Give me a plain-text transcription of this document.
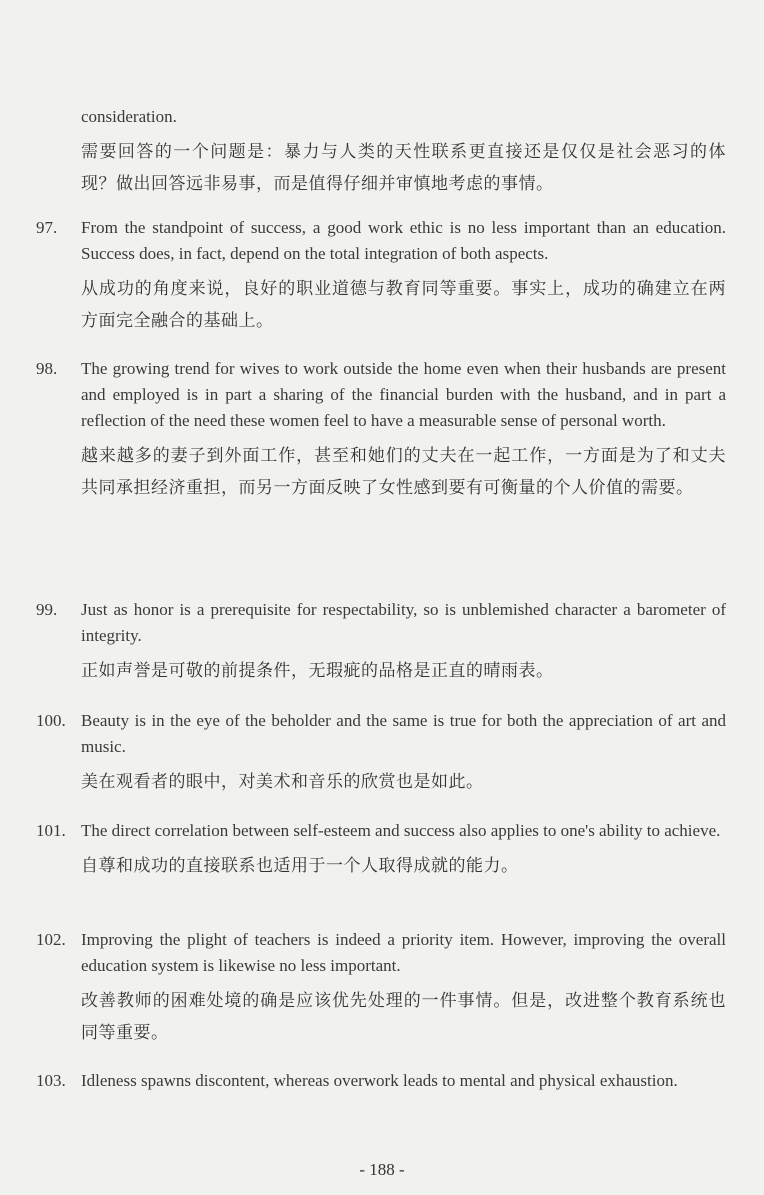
consideration.
需要回答的一个问题是：暴力与人类的天性联系更直接还是仅仅是社会恶习的体现？做出回答远非易事，而是值得仔细并审慎地考虑的事情。
97. From the standpoint of success, a good work ethic is no less important than an education. Success does, in fact, depend on the total integration of both aspects.
从成功的角度来说，良好的职业道德与教育同等重要。事实上，成功的确建立在两方面完全融合的基础上。
98. The growing trend for wives to work outside the home even when their husbands are present and employed is in part a sharing of the financial burden with the husband, and in part a reflection of the need these women feel to have a measurable sense of personal worth.
越来越多的妻子到外面工作，甚至和她们的丈夫在一起工作，一方面是为了和丈夫共同承担经济重担，而另一方面反映了女性感到要有可衡量的个人价值的需要。
99. Just as honor is a prerequisite for respectability, so is unblemished character a barometer of integrity.
正如声誉是可敬的前提条件，无瑕疵的品格是正直的晴雨表。
100. Beauty is in the eye of the beholder and the same is true for both the appreciation of art and music.
美在观看者的眼中，对美术和音乐的欣赏也是如此。
101. The direct correlation between self-esteem and success also applies to one's ability to achieve.
自尊和成功的直接联系也适用于一个人取得成就的能力。
102. Improving the plight of teachers is indeed a priority item. However, improving the overall education system is likewise no less important.
改善教师的困难处境的确是应该优先处理的一件事情。但是，改进整个教育系统也同等重要。
103. Idleness spawns discontent, whereas overwork leads to mental and physical exhaustion.
- 188 -
